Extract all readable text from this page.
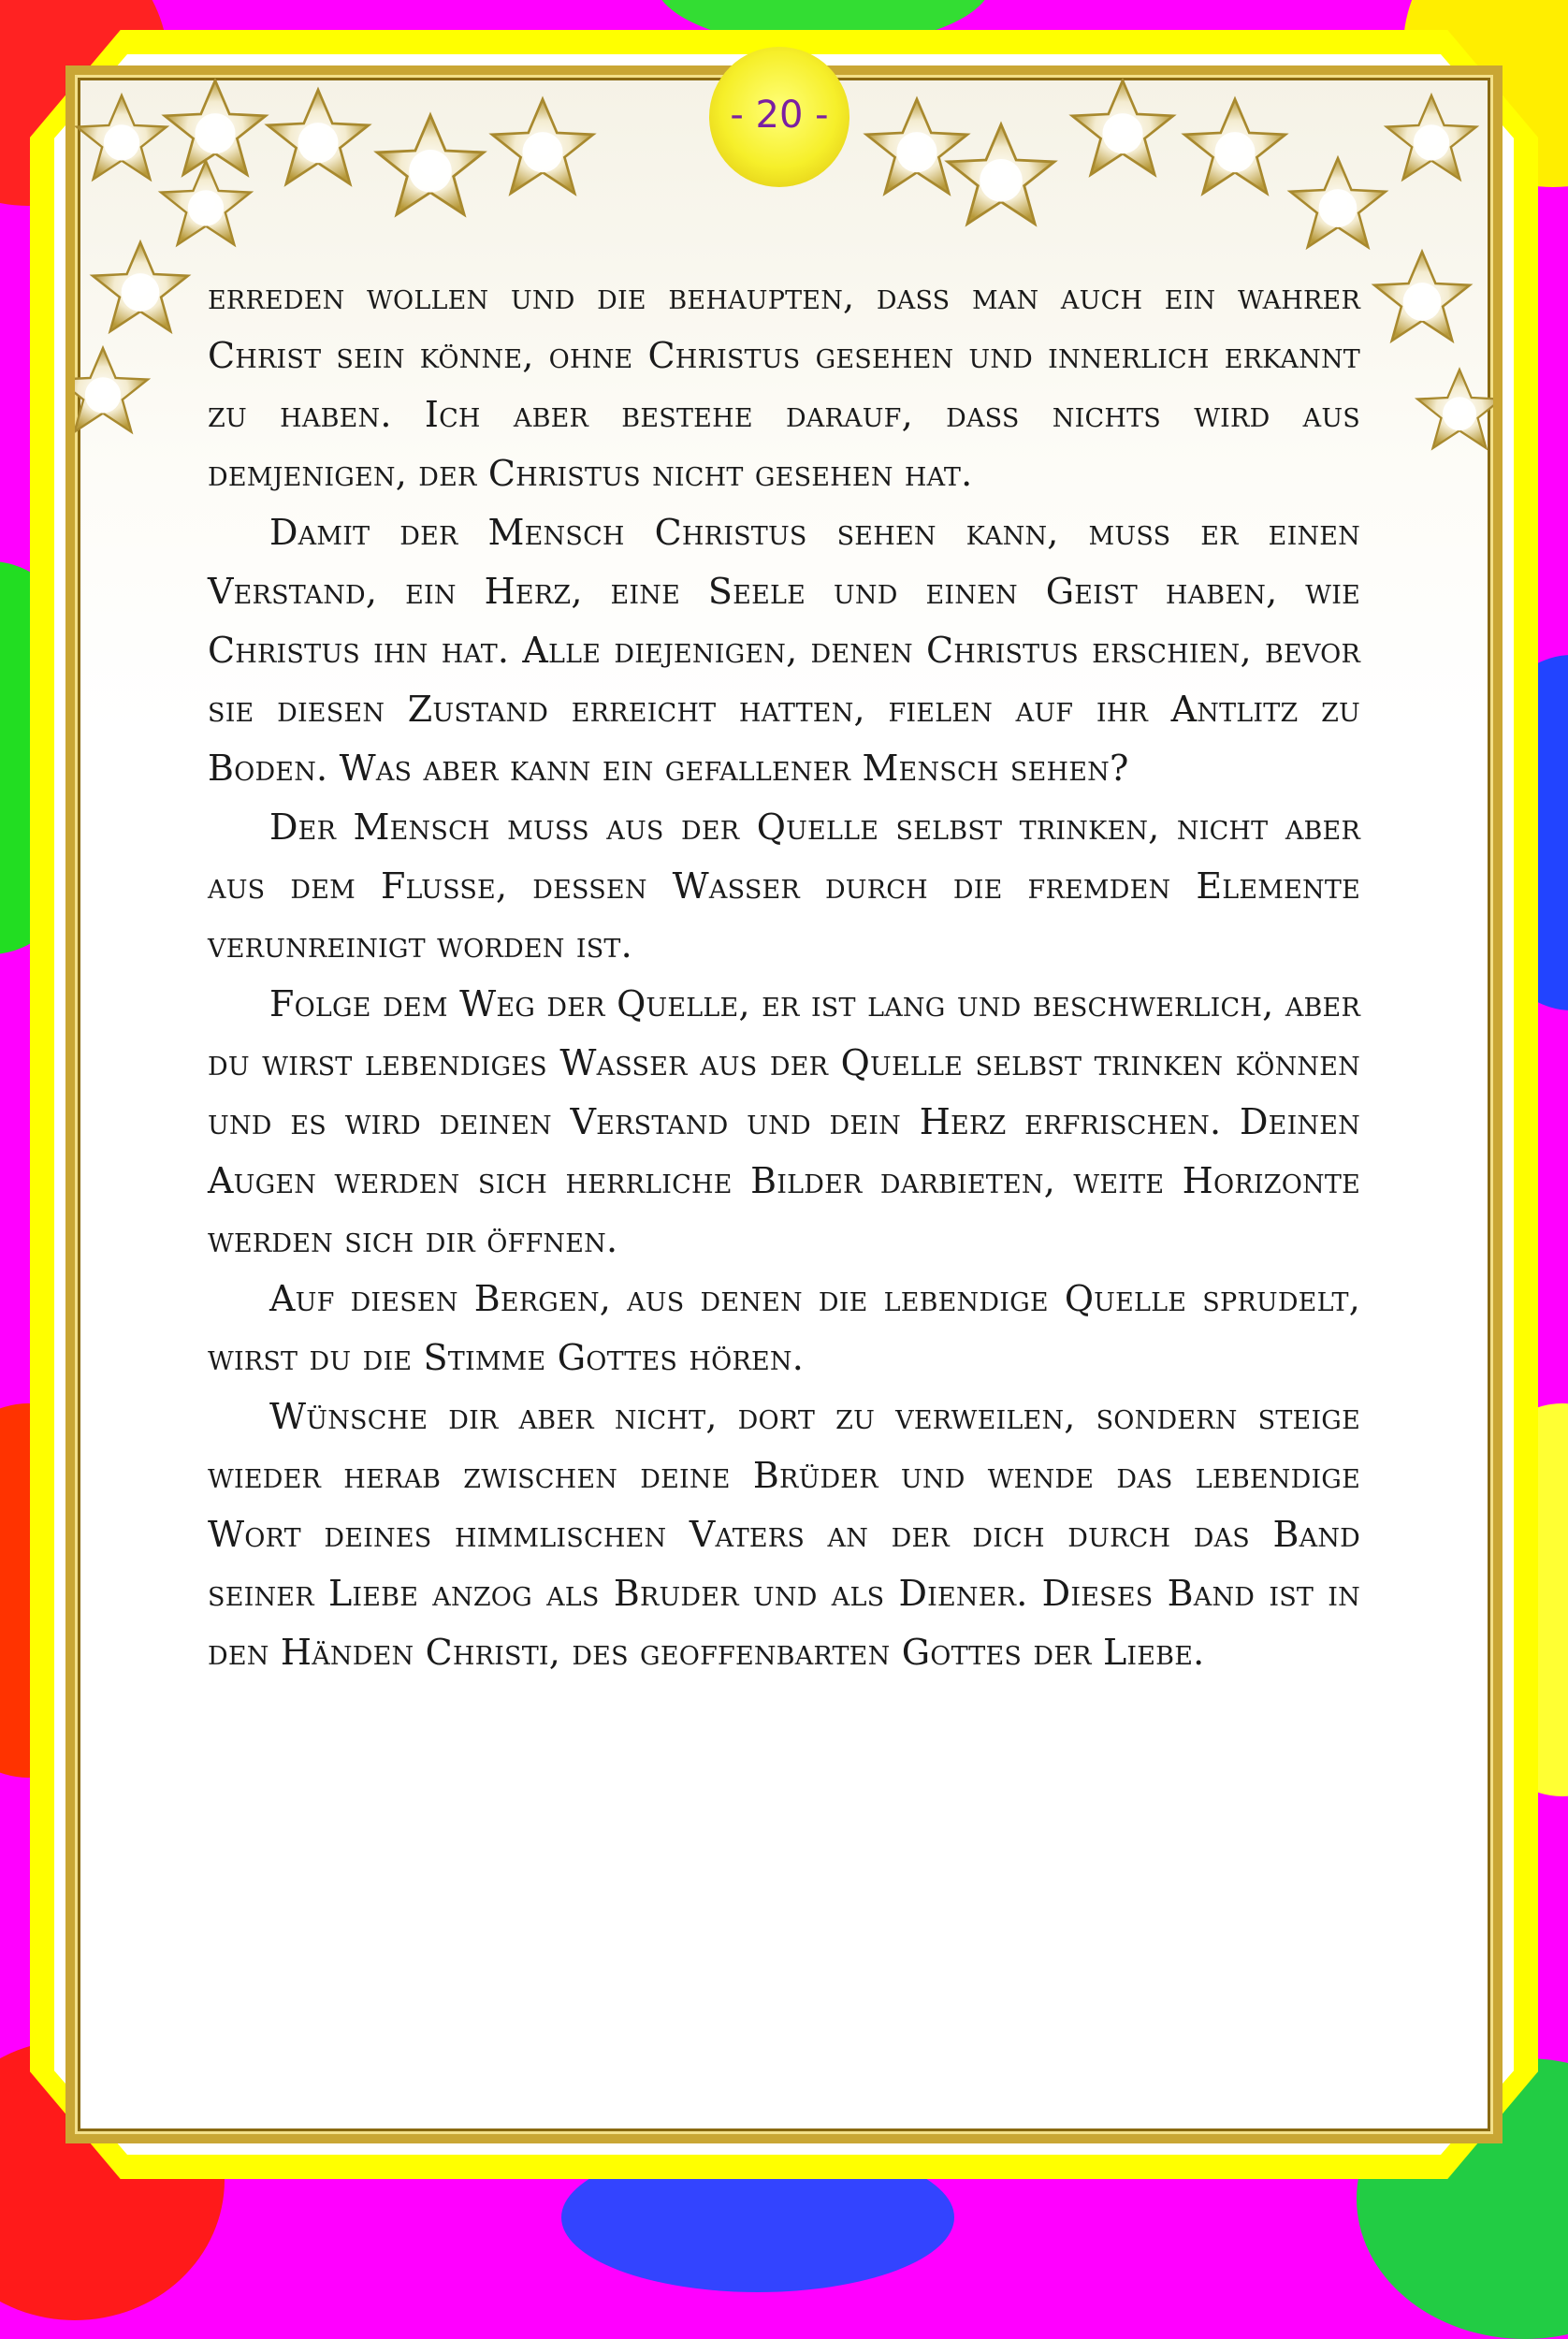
- 20 -

erreden wollen und die behaupten, dass man auch ein wahrer Christ sein könne, ohne Christus gesehen und innerlich erkannt zu haben. Ich aber bestehe darauf, dass nichts wird aus demjenigen, der Christus nicht gesehen hat.

Damit der Mensch Christus sehen kann, muss er einen Verstand, ein Herz, eine Seele und einen Geist haben, wie Christus ihn hat. Alle diejenigen, denen Christus erschien, bevor sie diesen Zustand erreicht hatten, fielen auf ihr Antlitz zu Boden. Was aber kann ein gefallener Mensch sehen?

Der Mensch muss aus der Quelle selbst trinken, nicht aber aus dem Flusse, dessen Wasser durch die fremden Elemente verunreinigt worden ist.

Folge dem Weg der Quelle, er ist lang und beschwerlich, aber du wirst lebendiges Wasser aus der Quelle selbst trinken können und es wird deinen Verstand und dein Herz erfrischen. Deinen Augen werden sich herrliche Bilder darbieten, weite Horizonte werden sich dir öffnen.

Auf diesen Bergen, aus denen die lebendige Quelle sprudelt, wirst du die Stimme Gottes hören.

Wünsche dir aber nicht, dort zu verweilen, sondern steige wieder herab zwischen deine Brüder und wende das lebendige Wort deines himmlischen Vaters an der dich durch das Band seiner Liebe anzog als Bruder und als Diener. Dieses Band ist in den Händen Christi, des geoffenbarten Gottes der Liebe.
